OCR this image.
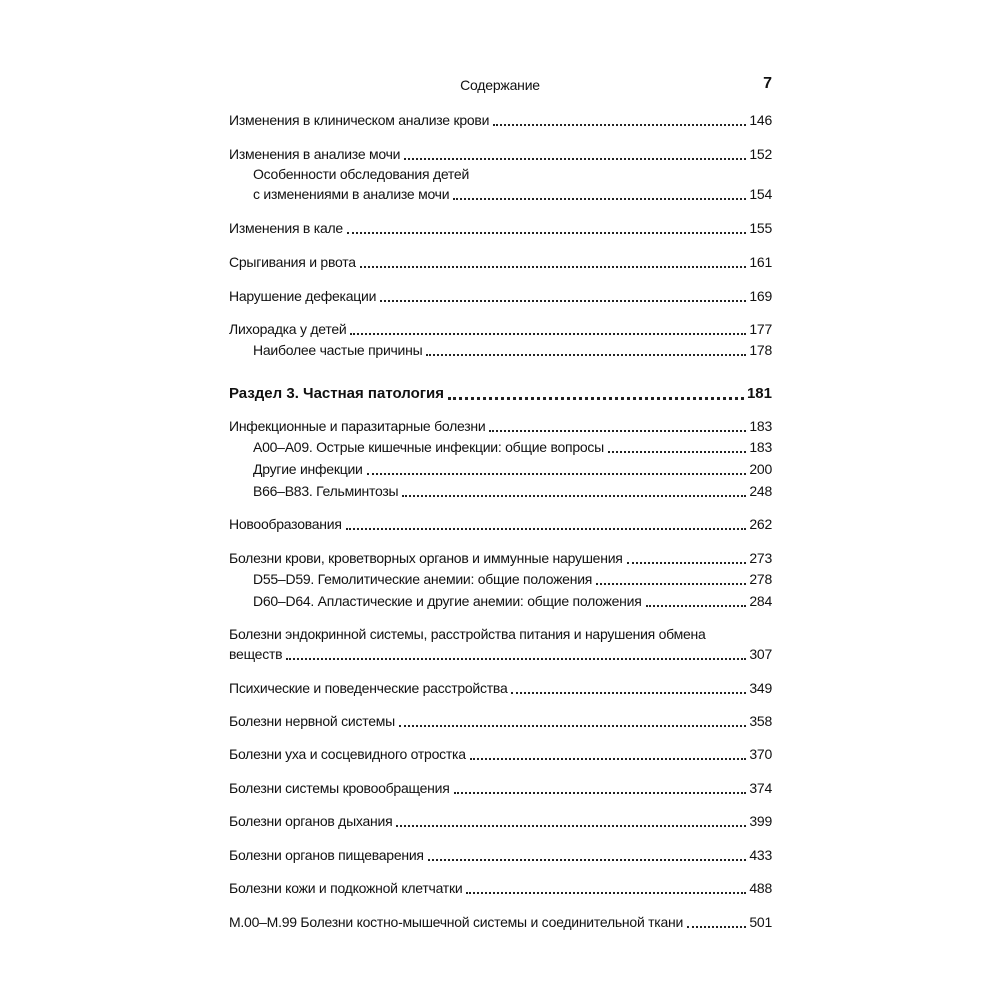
Содержание	7
Изменения в клиническом анализе крови	146
Изменения в анализе мочи	152
Особенности обследования детей
с изменениями в анализе мочи	154
Изменения в кале	155
Срыгивания и рвота	161
Нарушение дефекации	169
Лихорадка у детей	177
Наиболее частые причины	178
Раздел 3. Частная патология	181
Инфекционные и паразитарные болезни	183
А00–А09. Острые кишечные инфекции: общие вопросы	183
Другие инфекции	200
В66–В83. Гельминтозы	248
Новообразования	262
Болезни крови, кроветворных органов и иммунные нарушения	273
D55–D59. Гемолитические анемии: общие положения	278
D60–D64. Апластические и другие анемии: общие положения	284
Болезни эндокринной системы, расстройства питания и нарушения обмена
веществ	307
Психические и поведенческие расстройства	349
Болезни нервной системы	358
Болезни уха и сосцевидного отростка	370
Болезни системы кровообращения	374
Болезни органов дыхания	399
Болезни органов пищеварения	433
Болезни кожи и подкожной клетчатки	488
М.00–М.99 Болезни костно-мышечной системы и соединительной ткани	501
